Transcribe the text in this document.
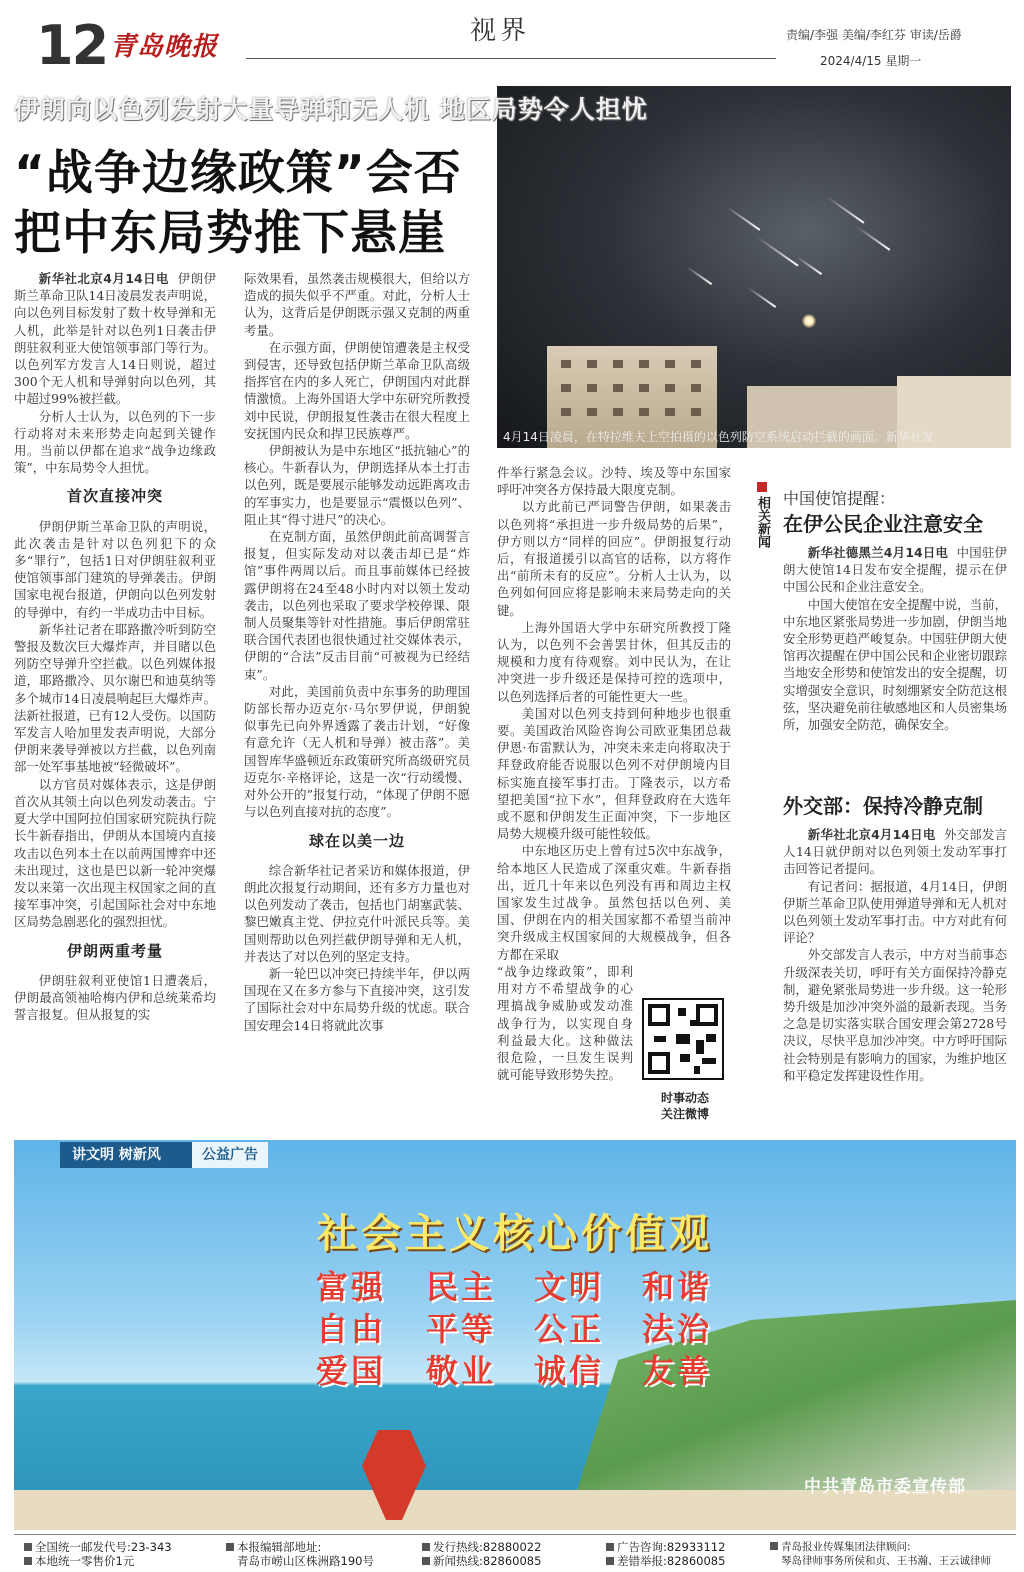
12 青岛晚报
视界	责编/李强 美编/李红芬 审读/岳爵
2024/4/15 星期一
4月14日凌晨，在特拉维夫上空拍摄的以色列防空系统启动拦截的画面。新华社发
伊朗向以色列发射大量导弹和无人机 地区局势令人担忧
“战争边缘政策”会否
把中东局势推下悬崖

新华社北京4月14日电 伊朗伊斯兰革命卫队14日凌晨发表声明说，向以色列目标发射了数十枚导弹和无人机，此举是针对以色列1日袭击伊朗驻叙利亚大使馆领事部门等行为。以色列军方发言人14日则说，超过300个无人机和导弹射向以色列，其中超过99%被拦截。

分析人士认为，以色列的下一步行动将对未来形势走向起到关键作用。当前以伊都在追求“战争边缘政策”，中东局势令人担忧。

首次直接冲突

伊朗伊斯兰革命卫队的声明说，此次袭击是针对以色列犯下的众多“罪行”，包括1日对伊朗驻叙利亚使馆领事部门建筑的导弹袭击。伊朗国家电视台报道，伊朗向以色列发射的导弹中，有约一半成功击中目标。

新华社记者在耶路撒冷听到防空警报及数次巨大爆炸声，并目睹以色列防空导弹升空拦截。以色列媒体报道，耶路撒冷、贝尔谢巴和迪莫纳等多个城市14日凌晨响起巨大爆炸声。法新社报道，已有12人受伤。以国防军发言人哈加里发表声明说，大部分伊朗来袭导弹被以方拦截，以色列南部一处军事基地被“轻微破坏”。

以方官员对媒体表示，这是伊朗首次从其领土向以色列发动袭击。宁夏大学中国阿拉伯国家研究院执行院长牛新春指出，伊朗从本国境内直接攻击以色列本土在以前两国博弈中还未出现过，这也是巴以新一轮冲突爆发以来第一次出现主权国家之间的直接军事冲突，引起国际社会对中东地区局势急剧恶化的强烈担忧。

伊朗两重考量

伊朗驻叙利亚使馆1日遭袭后，伊朗最高领袖哈梅内伊和总统莱希均誓言报复。但从报复的实

际效果看，虽然袭击规模很大，但给以方造成的损失似乎不严重。对此，分析人士认为，这背后是伊朗既示强又克制的两重考量。

在示强方面，伊朗使馆遭袭是主权受到侵害，还导致包括伊斯兰革命卫队高级指挥官在内的多人死亡，伊朗国内对此群情激愤。上海外国语大学中东研究所教授刘中民说，伊朗报复性袭击在很大程度上安抚国内民众和捍卫民族尊严。

伊朗被认为是中东地区“抵抗轴心”的核心。牛新春认为，伊朗选择从本土打击以色列，既是要展示能够发动远距离攻击的军事实力，也是要显示“震慑以色列”、阻止其“得寸进尺”的决心。

在克制方面，虽然伊朗此前高调誓言报复，但实际发动对以袭击却已是“炸馆”事件两周以后。而且事前媒体已经披露伊朗将在24至48小时内对以领土发动袭击，以色列也采取了要求学校停课、限制人员聚集等针对性措施。事后伊朗常驻联合国代表团也很快通过社交媒体表示，伊朗的“合法”反击目前“可被视为已经结束”。

对此，美国前负责中东事务的助理国防部长帮办迈克尔·马尔罗伊说，伊朗貌似事先已向外界透露了袭击计划，“好像有意允许（无人机和导弹）被击落”。美国智库华盛顿近东政策研究所高级研究员迈克尔·辛格评论，这是一次“行动缓慢、对外公开的”报复行动，“体现了伊朗不愿与以色列直接对抗的态度”。

球在以美一边

综合新华社记者采访和媒体报道，伊朗此次报复行动期间，还有多方力量也对以色列发动了袭击，包括也门胡塞武装、黎巴嫩真主党、伊拉克什叶派民兵等。美国则帮助以色列拦截伊朗导弹和无人机，并表达了对以色列的坚定支持。

新一轮巴以冲突已持续半年，伊以两国现在又在多方参与下直接冲突，这引发了国际社会对中东局势升级的忧虑。联合国安理会14日将就此次事

件举行紧急会议。沙特、埃及等中东国家呼吁冲突各方保持最大限度克制。

以方此前已严词警告伊朗，如果袭击以色列将“承担进一步升级局势的后果”，伊方则以方“同样的回应”。伊朗报复行动后，有报道援引以高官的话称，以方将作出“前所未有的反应”。分析人士认为，以色列如何回应将是影响未来局势走向的关键。

上海外国语大学中东研究所教授丁隆认为，以色列不会善罢甘休，但其反击的规模和力度有待观察。刘中民认为，在让冲突进一步升级还是保持可控的选项中，以色列选择后者的可能性更大一些。

美国对以色列支持到何种地步也很重要。美国政治风险咨询公司欧亚集团总裁伊恩·布雷默认为，冲突未来走向将取决于拜登政府能否说服以色列不对伊朗境内目标实施直接军事打击。丁隆表示，以方希望把美国“拉下水”，但拜登政府在大选年或不愿和伊朗发生正面冲突，下一步地区局势大规模升级可能性较低。

中东地区历史上曾有过5次中东战争，给本地区人民造成了深重灾难。牛新春指出，近几十年来以色列没有再和周边主权国家发生过战争。虽然包括以色列、美国、伊朗在内的相关国家都不希望当前冲突升级成主权国家间的大规模战争，但各方都在采取

“战争边缘政策”，即利用对方不希望战争的心理搞战争威胁或发动准战争行为，以实现自身利益最大化。这种做法很危险，一旦发生误判就可能导致形势失控。

时事动态
关注微博
相关新闻 中国使馆提醒：
在伊公民企业注意安全

新华社德黑兰4月14日电 中国驻伊朗大使馆14日发布安全提醒，提示在伊中国公民和企业注意安全。

中国大使馆在安全提醒中说，当前，中东地区紧张局势进一步加剧，伊朗当地安全形势更趋严峻复杂。中国驻伊朗大使馆再次提醒在伊中国公民和企业密切跟踪当地安全形势和使馆发出的安全提醒，切实增强安全意识，时刻绷紧安全防范这根弦，坚决避免前往敏感地区和人员密集场所，加强安全防范，确保安全。

外交部：保持冷静克制

新华社北京4月14日电 外交部发言人14日就伊朗对以色列领土发动军事打击回答记者提问。

有记者问：据报道，4月14日，伊朗伊斯兰革命卫队使用弹道导弹和无人机对以色列领土发动军事打击。中方对此有何评论？

外交部发言人表示，中方对当前事态升级深表关切，呼吁有关方面保持冷静克制，避免紧张局势进一步升级。这一轮形势升级是加沙冲突外溢的最新表现。当务之急是切实落实联合国安理会第2728号决议，尽快平息加沙冲突。中方呼吁国际社会特别是有影响力的国家，为维护地区和平稳定发挥建设性作用。

讲文明 树新风	公益广告
社会主义核心价值观
富强 民主 文明 和谐
自由 平等 公正 法治
爱国 敬业 诚信 友善
中共青岛市委宣传部
全国统一邮发代号:23-343
本地统一零售价1元
本报编辑部地址:
青岛市崂山区株洲路190号
发行热线:82880022
新闻热线:82860085
广告咨询:82933112
差错举报:82860085
青岛报业传媒集团法律顾问:
琴岛律师事务所侯和贞、王书瀚、王云诚律师
